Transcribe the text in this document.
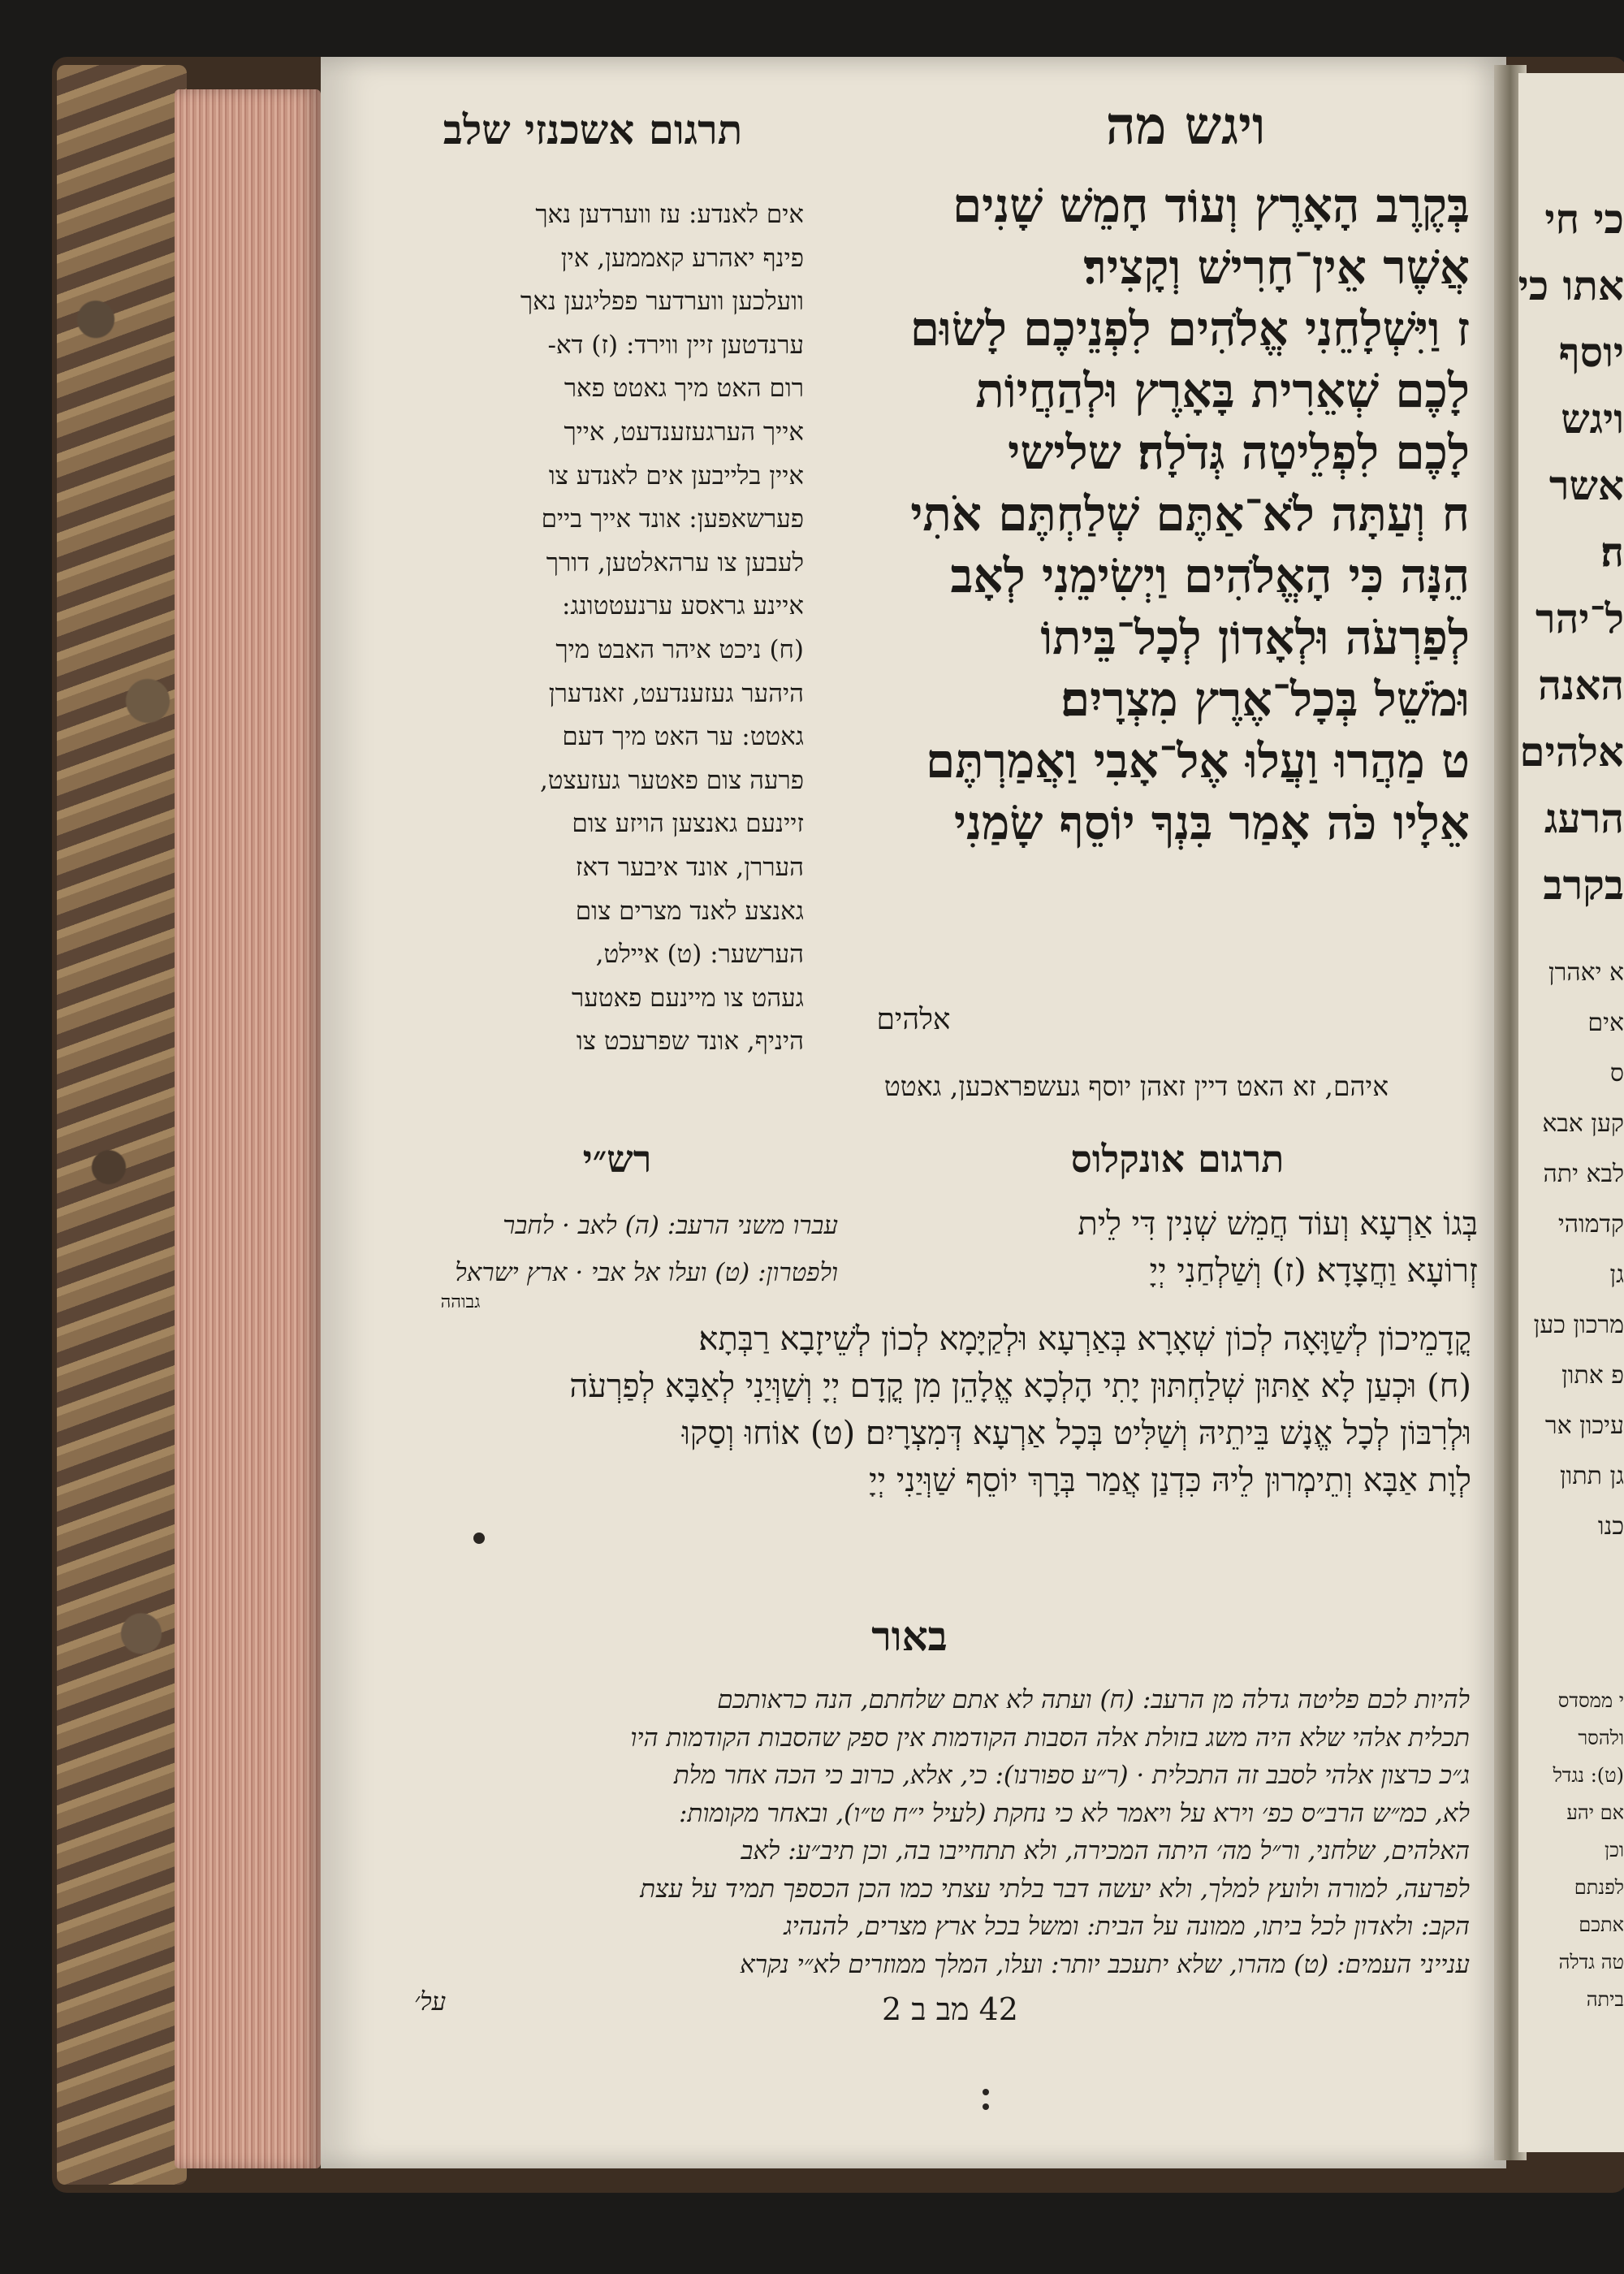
כי חי
אתו כי
יוסף
ויגש
אשר
ה׃
ל־יהר
האנה
אלהים
הרעג
בקרב
א יאהרן
אים
ס
קען אבא
לבא יתה
קדמוהי
גן
מרכון כען
פ אתון
עיכון אר
גן תתון
כנו
י ממסדס
ולהסר
(ט): נגדל
אם יהע
וכן
לפנתם
אתכם
טה גדלה
ביתה
ויגש מה
תרגום אשכנזי שלב
בְּקֶרֶב הָאָרֶץ וְעוֹד חָמֵשׁ שָׁנִים
אֲשֶׁר אֵין־חָרִישׁ וְקָצִיר׃
ז וַיִּשְׁלָחֵנִי אֱלֹהִים לִפְנֵיכֶם לָשׂוּם
לָכֶם שְׁאֵרִית בָּאָרֶץ וּלְהַחֲיוֹת
לָכֶם לִפְלֵיטָה גְּדֹלָה׃ שלישי
ח וְעַתָּה לֹא־אַתֶּם שְׁלַחְתֶּם אֹתִי
הֵנָּה כִּי הָאֱלֹהִים וַיְשִׂימֵנִי לְאָב
לְפַרְעֹה וּלְאָדוֹן לְכָל־בֵּיתוֹ
וּמֹשֵׁל בְּכָל־אֶרֶץ מִצְרָיִם׃
ט מַהֲרוּ וַעֲלוּ אֶל־אָבִי וַאֲמַרְתֶּם
אֵלָיו כֹּה אָמַר בִּנְךָ יוֹסֵף שָׂמַנִי
אים לאנדע: עז ווערדען נאך
פינף יאהרע קאממען, אין
וועלכען ווערדער פפליגען נאך
ערנדטען זיין ווירד: (ז) דא-
רום האט מיך גאטט פאר
אייך הערגעזענדעט, אייך
איין בלייבען אים לאנדע צו
פערשאפען: אונד אייך ביים
לעבען צו ערהאלטען, דורך
איינע גראסע ערנעטטונג:
(ח) ניכט איהר האבט מיך
היהער געזענדעט, זאנדערן
גאטט: ער האט מיך דעם
פרעה צום פאטער געזעצט,
זיינעם גאנצען הויזע צום
העררן, אונד איבער דאז
גאנצע לאנד מצרים צום
הערשער: (ט) איילט,
געהט צו מיינעם פאטער
היניף, אונד שפרעכט צו
אלהים
איהם, זא האט דיין זאהן יוסף געשפראכען, גאטט
תרגום אונקלוס
רש״י
בְּגוֹ אַרְעָא וְעוֹד חֲמֵשׁ שְׁנִין דִּי לֵית
זְרוֹעָא וַחֲצָדָא׃ (ז) וְשַׁלְחַנִי יְיָ
עברו משני הרעב: (ה) לאב · לחבר
ולפטרון: (ט) ועלו אל אבי · ארץ ישראל
גבוהה
קֳדָמֵיכוֹן לְשַׁוָּאָה לְכוֹן שְׁאָרָא בְּאַרְעָא וּלְקַיָּמָא לְכוֹן לְשֵׁיזָבָא רַבְּתָא׃
(ח) וּכְעַן לָא אַתּוּן שְׁלַחְתּוּן יָתִי הָלְכָא אֱלָהֵן מִן קֳדָם יְיָ וְשַׁוְּיַנִי לְאַבָּא לְפַרְעֹה
וּלְרִבּוֹן לְכָל אֱנָשׁ בֵּיתֵיהּ וְשַׁלִּיט בְּכָל אַרְעָא דְּמִצְרָיִם׃ (ט) אוֹחוּ וְסַקוּ
לְוָת אַבָּא וְתֵימְרוּן לֵיהּ כִּדְנַן אֲמַר בְּרָךְ יוֹסֵף שַׁוְּיַנִי יְיָ
באור
להיות לכם פליטה גדלה מן הרעב: (ח) ועתה לא אתם שלחתם, הנה כראותכם
תכלית אלהי שלא היה משג בזולת אלה הסבות הקודמות אין ספק שהסבות הקודמות היו
ג״כ כרצון אלהי לסבב זה התכלית · (ר״ע ספורנו): כי, אלא, כרוב כי הכה אחר מלת
לא, כמ״ש הרב״ס כפ׳ וירא על ויאמר לא כי נחקת (לעיל י״ח ט״ו), ובאחר מקומות:
האלהים, שלחני, ור״ל מה׳ היתה המכירה, ולא תתחייבו בה, וכן תיב״ע: לאב
לפרעה, למורה ולועץ למלך, ולא יעשה דבר בלתי עצתי כמו הכן הכספך תמיד על עצת
הקב: ולאדון לכל ביתו, ממונה על הבית: ומשל בכל ארץ מצרים, להנהיג
ענייני העמים: (ט) מהרו, שלא יתעכב יותר: ועלו, המלך ממוזרים לא״י נקרא
על׳	42 מב ב 2
